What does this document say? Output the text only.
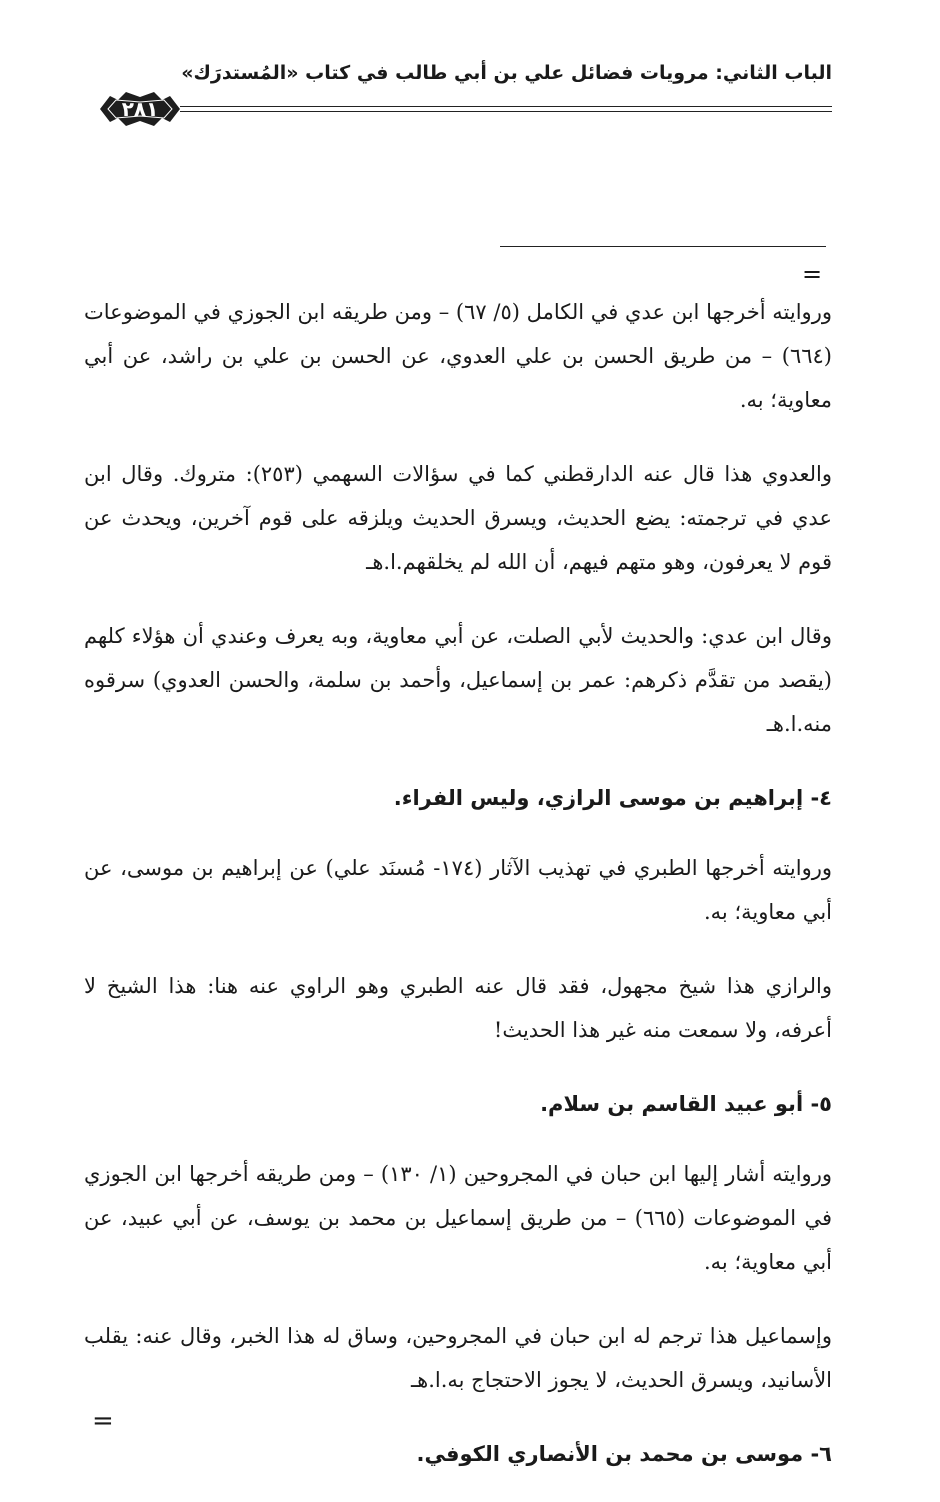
الباب الثاني: مرويات فضائل علي بن أبي طالب في كتاب «المُستدرَك»
٢٨١
=

وروايته أخرجها ابن عدي في الكامل (٥/ ٦٧) – ومن طريقه ابن الجوزي في الموضوعات (٦٦٤) – من طريق الحسن بن علي العدوي، عن الحسن بن علي بن راشد، عن أبي معاوية؛ به.

والعدوي هذا قال عنه الدارقطني كما في سؤالات السهمي (٢٥٣): متروك. وقال ابن عدي في ترجمته: يضع الحديث، ويسرق الحديث ويلزقه على قوم آخرين، ويحدث عن قوم لا يعرفون، وهو متهم فيهم، أن الله لم يخلقهم.ا.هـ

وقال ابن عدي: والحديث لأبي الصلت، عن أبي معاوية، وبه يعرف وعندي أن هؤلاء كلهم (يقصد من تقدَّم ذكرهم: عمر بن إسماعيل، وأحمد بن سلمة، والحسن العدوي) سرقوه منه.ا.هـ

٤- إبراهيم بن موسى الرازي، وليس الفراء.

وروايته أخرجها الطبري في تهذيب الآثار (١٧٤- مُسنَد علي) عن إبراهيم بن موسى، عن أبي معاوية؛ به.

والرازي هذا شيخ مجهول، فقد قال عنه الطبري وهو الراوي عنه هنا: هذا الشيخ لا أعرفه، ولا سمعت منه غير هذا الحديث!

٥- أبو عبيد القاسم بن سلام.

وروايته أشار إليها ابن حبان في المجروحين (١/ ١٣٠) – ومن طريقه أخرجها ابن الجوزي في الموضوعات (٦٦٥) – من طريق إسماعيل بن محمد بن يوسف، عن أبي عبيد، عن أبي معاوية؛ به.

وإسماعيل هذا ترجم له ابن حبان في المجروحين، وساق له هذا الخبر، وقال عنه: يقلب الأسانيد، ويسرق الحديث، لا يجوز الاحتجاج به.ا.هـ

٦- موسى بن محمد بن الأنصاري الكوفي.

=
